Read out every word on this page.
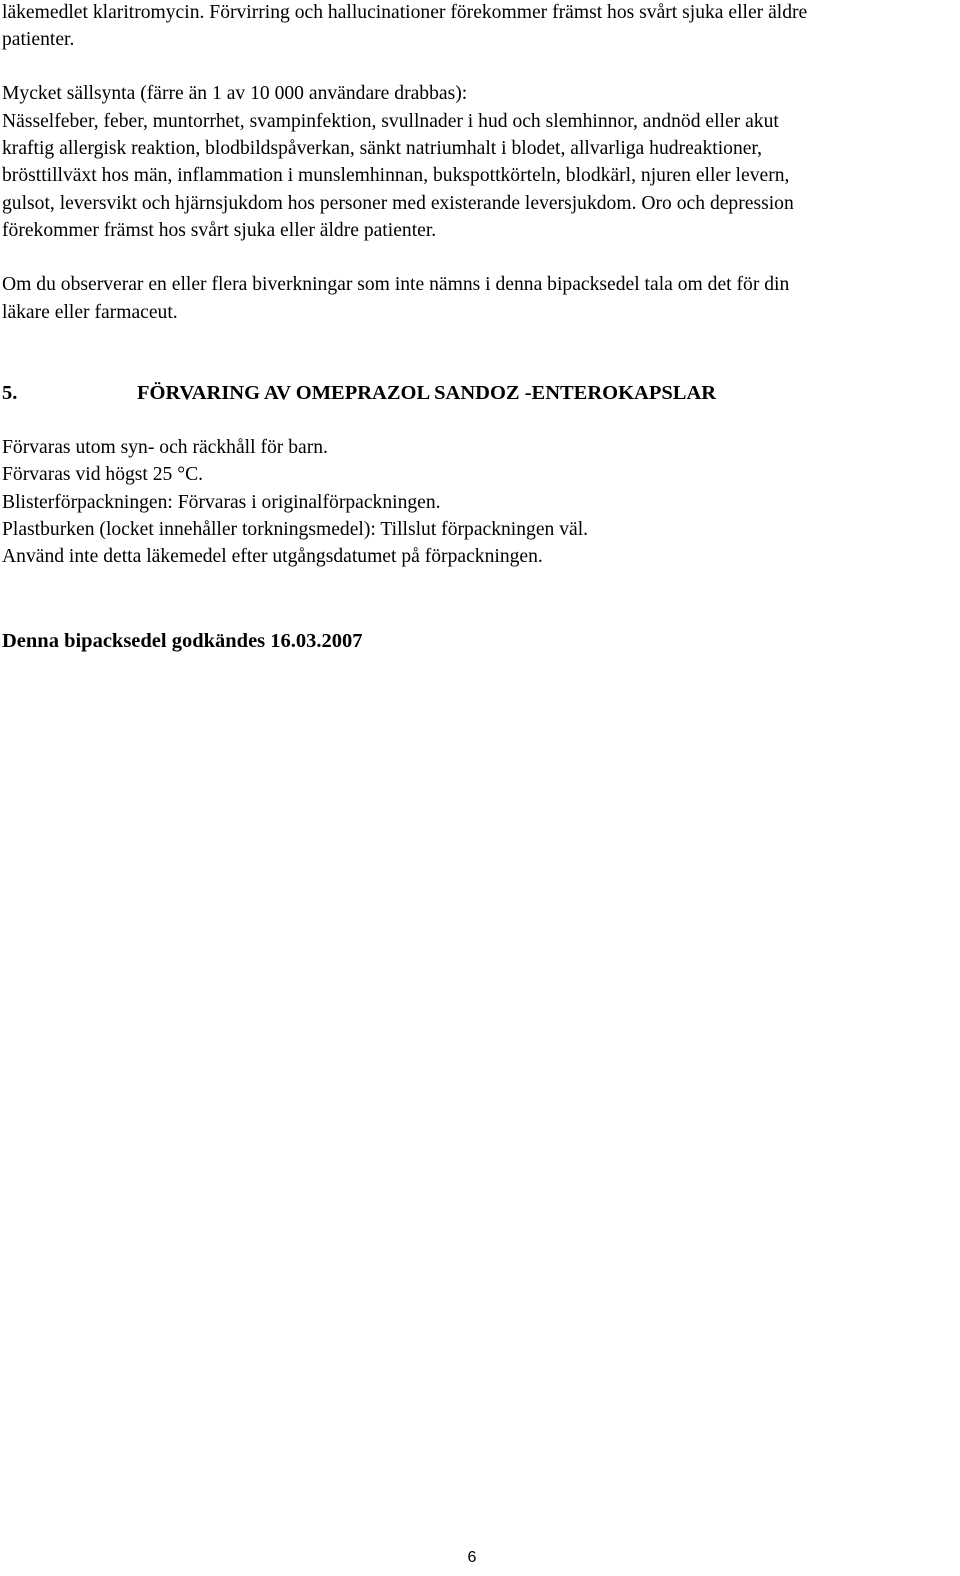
läkemedlet klaritromycin. Förvirring och hallucinationer förekommer främst hos svårt sjuka eller äldre

patienter.

Mycket sällsynta (färre än 1 av 10 000 användare drabbas):

Nässelfeber, feber, muntorrhet, svampinfektion, svullnader i hud och slemhinnor, andnöd eller akut

kraftig allergisk reaktion, blodbildspåverkan, sänkt natriumhalt i blodet, allvarliga hudreaktioner,

brösttillväxt hos män, inflammation i munslemhinnan, bukspottkörteln, blodkärl, njuren eller levern,

gulsot, leversvikt och hjärnsjukdom hos personer med existerande leversjukdom. Oro och depression

förekommer främst hos svårt sjuka eller äldre patienter.

Om du observerar en eller flera biverkningar som inte nämns i denna bipacksedel tala om det för din

läkare eller farmaceut.

5.	FÖRVARING AV OMEPRAZOL SANDOZ -ENTEROKAPSLAR

Förvaras utom syn- och räckhåll för barn.

Förvaras vid högst 25 °C.

Blisterförpackningen: Förvaras i originalförpackningen.

Plastburken (locket innehåller torkningsmedel): Tillslut förpackningen väl.

Använd inte detta läkemedel efter utgångsdatumet på förpackningen.

Denna bipacksedel godkändes 16.03.2007
6
